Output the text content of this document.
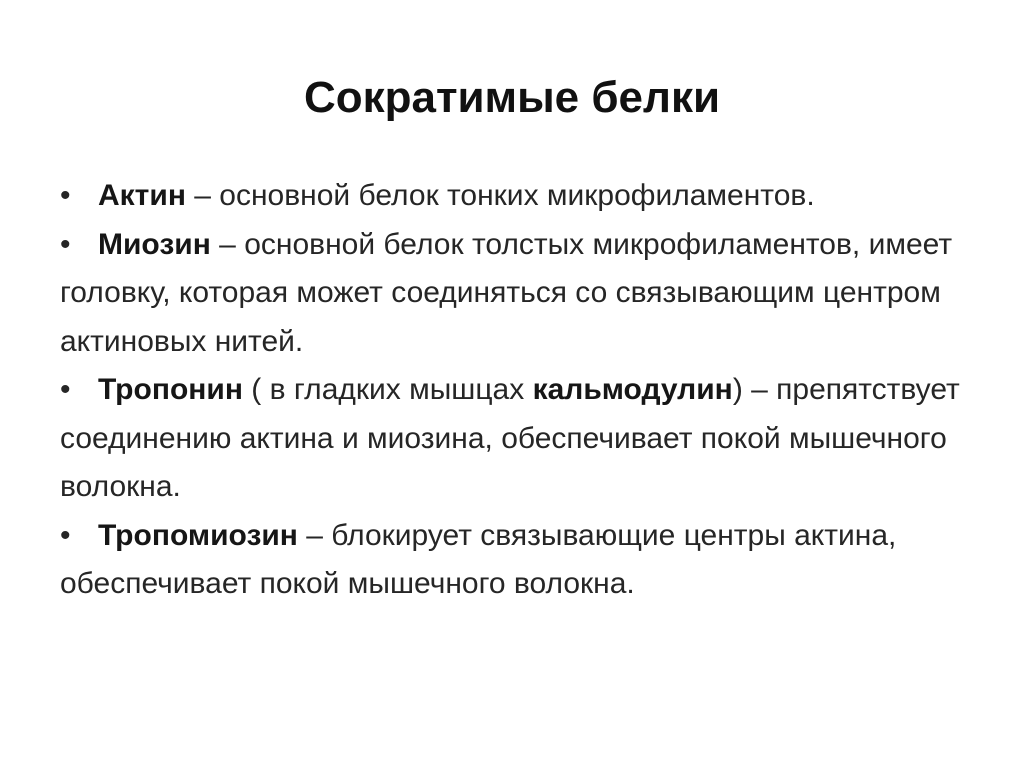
Сократимые белки

• Актин – основной белок тонких микрофиламентов.

• Миозин – основной белок толстых микрофиламентов, имеет головку, которая может соединяться со связывающим центром актиновых нитей.

• Тропонин ( в гладких мышцах кальмодулин) – препятствует соединению актина и миозина, обеспечивает покой мышечного волокна.

• Тропомиозин – блокирует связывающие центры актина, обеспечивает покой мышечного волокна.
